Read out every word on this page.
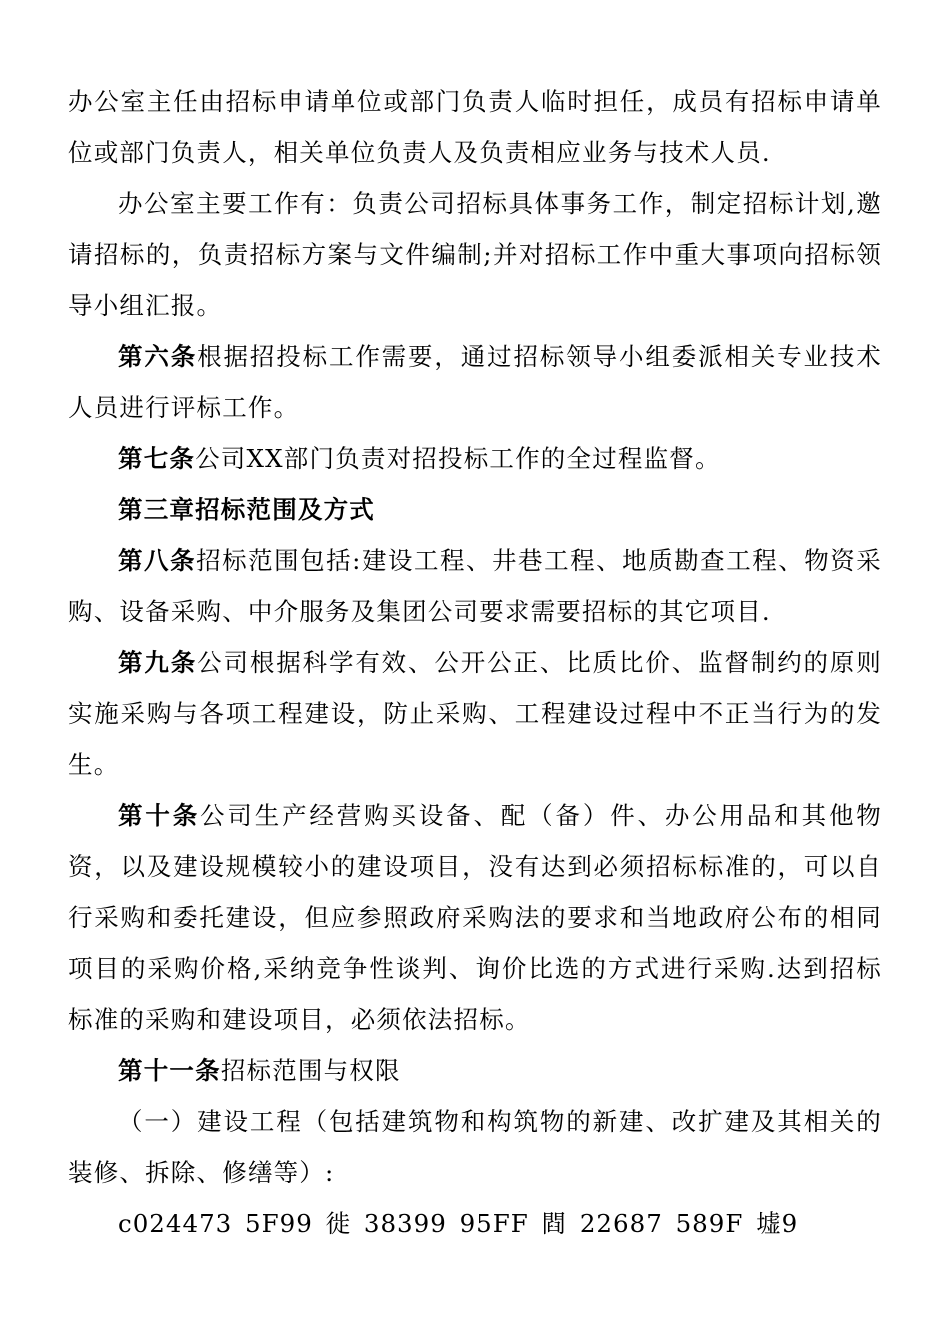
办公室主任由招标申请单位或部门负责人临时担任，成员有招标申请单位或部门负责人，相关单位负责人及负责相应业务与技术人员.

办公室主要工作有：负责公司招标具体事务工作，制定招标计划,邀请招标的，负责招标方案与文件编制;并对招标工作中重大事项向招标领导小组汇报。

第六条根据招投标工作需要，通过招标领导小组委派相关专业技术人员进行评标工作。

第七条公司XX部门负责对招投标工作的全过程监督。

第三章招标范围及方式

第八条招标范围包括:建设工程、井巷工程、地质勘查工程、物资采购、设备采购、中介服务及集团公司要求需要招标的其它项目.

第九条公司根据科学有效、公开公正、比质比价、监督制约的原则实施采购与各项工程建设，防止采购、工程建设过程中不正当行为的发生。

第十条公司生产经营购买设备、配（备）件、办公用品和其他物资，以及建设规模较小的建设项目，没有达到必须招标标准的，可以自行采购和委托建设，但应参照政府采购法的要求和当地政府公布的相同项目的采购价格,采纳竞争性谈判、询价比选的方式进行采购.达到招标标准的采购和建设项目，必须依法招标。

第十一条招标范围与权限

（一）建设工程（包括建筑物和构筑物的新建、改扩建及其相关的装修、拆除、修缮等）:

c024473 5F99 徙 38399 95FF 閰 22687 589F 墟9
